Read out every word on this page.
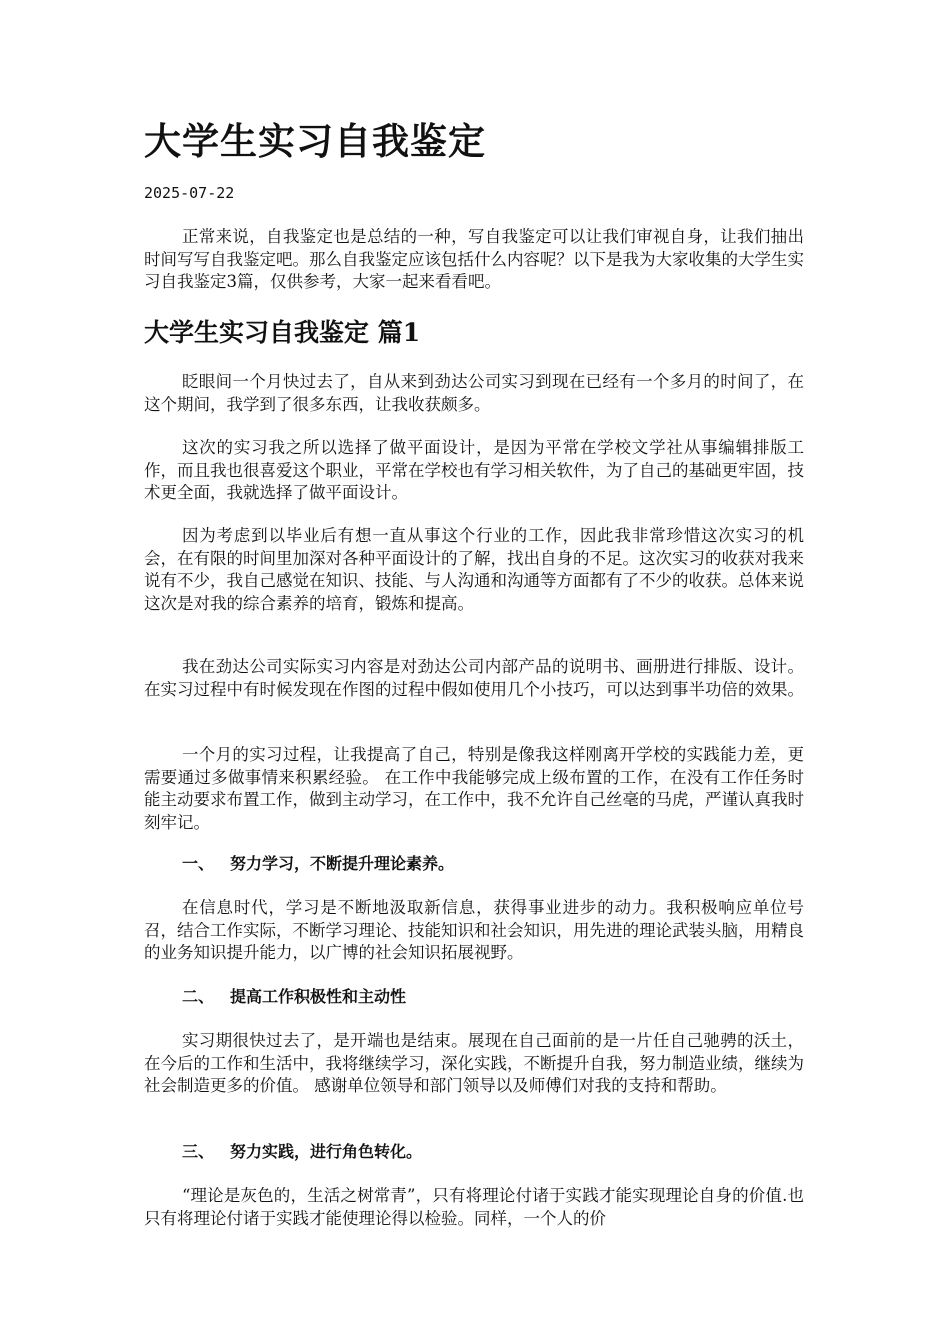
大学生实习自我鉴定
2025-07-22

正常来说，自我鉴定也是总结的一种，写自我鉴定可以让我们审视自身，让我们抽出时间写写自我鉴定吧。那么自我鉴定应该包括什么内容呢？以下是我为大家收集的大学生实习自我鉴定3篇，仅供参考，大家一起来看看吧。

大学生实习自我鉴定 篇1

眨眼间一个月快过去了，自从来到劲达公司实习到现在已经有一个多月的时间了，在这个期间，我学到了很多东西，让我收获颇多。

这次的实习我之所以选择了做平面设计，是因为平常在学校文学社从事编辑排版工作，而且我也很喜爱这个职业，平常在学校也有学习相关软件，为了自己的基础更牢固，技术更全面，我就选择了做平面设计。

因为考虑到以毕业后有想一直从事这个行业的工作，因此我非常珍惜这次实习的机会，在有限的时间里加深对各种平面设计的了解，找出自身的不足。这次实习的收获对我来说有不少，我自己感觉在知识、技能、与人沟通和沟通等方面都有了不少的收获。总体来说这次是对我的综合素养的培育，锻炼和提高。

我在劲达公司实际实习内容是对劲达公司内部产品的说明书、画册进行排版、设计。在实习过程中有时候发现在作图的过程中假如使用几个小技巧，可以达到事半功倍的效果。

一个月的实习过程，让我提高了自己，特别是像我这样刚离开学校的实践能力差，更需要通过多做事情来积累经验。 在工作中我能够完成上级布置的工作，在没有工作任务时能主动要求布置工作，做到主动学习，在工作中，我不允许自己丝毫的马虎，严谨认真我时刻牢记。

一、 努力学习，不断提升理论素养。

在信息时代，学习是不断地汲取新信息，获得事业进步的动力。我积极响应单位号召，结合工作实际，不断学习理论、技能知识和社会知识，用先进的理论武装头脑，用精良的业务知识提升能力，以广博的社会知识拓展视野。

二、 提高工作积极性和主动性

实习期很快过去了，是开端也是结束。展现在自己面前的是一片任自己驰骋的沃土，在今后的工作和生活中，我将继续学习，深化实践，不断提升自我，努力制造业绩，继续为社会制造更多的价值。 感谢单位领导和部门领导以及师傅们对我的支持和帮助。

三、 努力实践，进行角色转化。

“理论是灰色的，生活之树常青”，只有将理论付诸于实践才能实现理论自身的价值.也只有将理论付诸于实践才能使理论得以检验。同样，一个人的价
